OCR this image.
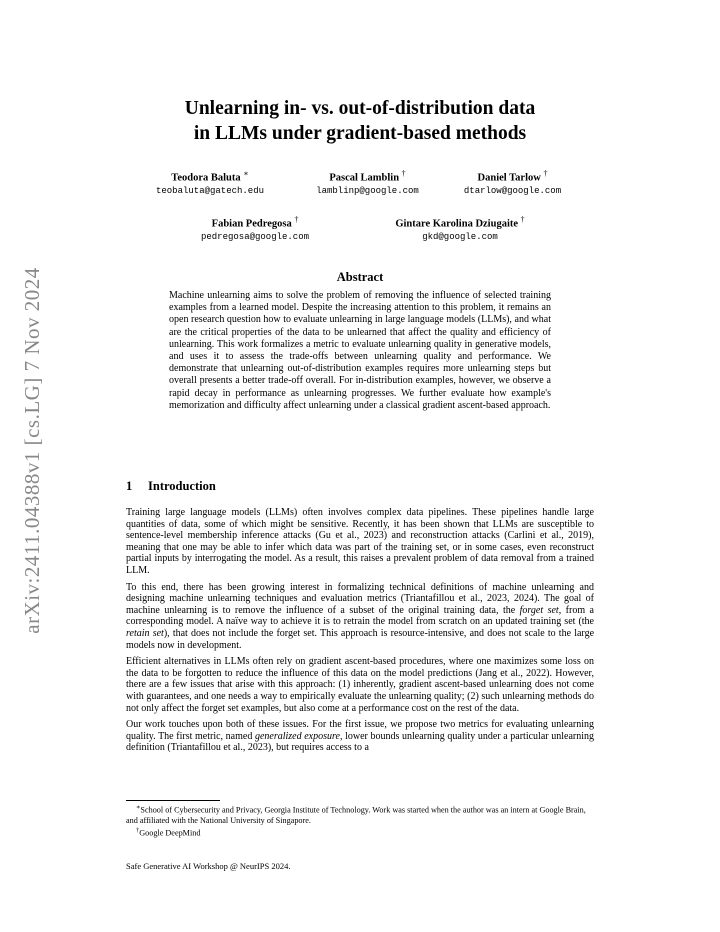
arXiv:2411.04388v1 [cs.LG] 7 Nov 2024
Unlearning in- vs. out-of-distribution data
in LLMs under gradient-based methods
Teodora Baluta ∗
teobaluta@gatech.edu
Pascal Lamblin †
lamblinp@google.com
Daniel Tarlow †
dtarlow@google.com
Fabian Pedregosa †
pedregosa@google.com
Gintare Karolina Dziugaite †
gkd@google.com
Abstract
Machine unlearning aims to solve the problem of removing the influence of selected training examples from a learned model. Despite the increasing attention to this problem, it remains an open research question how to evaluate unlearning in large language models (LLMs), and what are the critical properties of the data to be unlearned that affect the quality and efficiency of unlearning. This work formalizes a metric to evaluate unlearning quality in generative models, and uses it to assess the trade-offs between unlearning quality and performance. We demonstrate that unlearning out-of-distribution examples requires more unlearning steps but overall presents a better trade-off overall. For in-distribution examples, however, we observe a rapid decay in performance as unlearning progresses. We further evaluate how example's memorization and difficulty affect unlearning under a classical gradient ascent-based approach.
1 Introduction

Training large language models (LLMs) often involves complex data pipelines. These pipelines handle large quantities of data, some of which might be sensitive. Recently, it has been shown that LLMs are susceptible to sentence-level membership inference attacks (Gu et al., 2023) and reconstruction attacks (Carlini et al., 2019), meaning that one may be able to infer which data was part of the training set, or in some cases, even reconstruct partial inputs by interrogating the model. As a result, this raises a prevalent problem of data removal from a trained LLM.

To this end, there has been growing interest in formalizing technical definitions of machine unlearning and designing machine unlearning techniques and evaluation metrics (Triantafillou et al., 2023, 2024). The goal of machine unlearning is to remove the influence of a subset of the original training data, the forget set, from a corresponding model. A naïve way to achieve it is to retrain the model from scratch on an updated training set (the retain set), that does not include the forget set. This approach is resource-intensive, and does not scale to the large models now in development.

Efficient alternatives in LLMs often rely on gradient ascent-based procedures, where one maximizes some loss on the data to be forgotten to reduce the influence of this data on the model predictions (Jang et al., 2022). However, there are a few issues that arise with this approach: (1) inherently, gradient ascent-based unlearning does not come with guarantees, and one needs a way to empirically evaluate the unlearning quality; (2) such unlearning methods do not only affect the forget set examples, but also come at a performance cost on the rest of the data.

Our work touches upon both of these issues. For the first issue, we propose two metrics for evaluating unlearning quality. The first metric, named generalized exposure, lower bounds unlearning quality under a particular unlearning definition (Triantafillou et al., 2023), but requires access to a

∗School of Cybersecurity and Privacy, Georgia Institute of Technology. Work was started when the author was an intern at Google Brain, and affiliated with the National University of Singapore.

†Google DeepMind

Safe Generative AI Workshop @ NeurIPS 2024.
